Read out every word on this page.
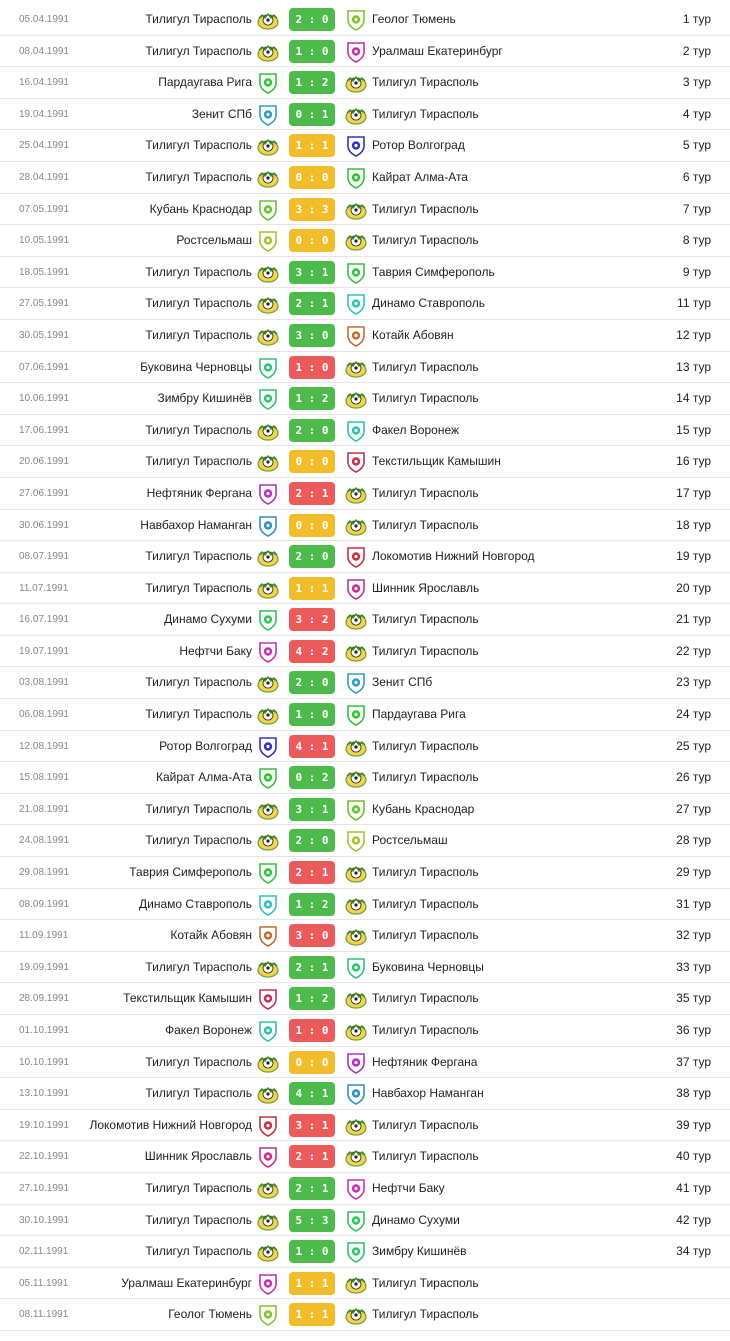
05.04.1991	Тилигул Тирасполь	2 : 0	Геолог Тюмень	1 тур
08.04.1991	Тилигул Тирасполь	1 : 0	Уралмаш Екатеринбург	2 тур
16.04.1991	Пардаугава Рига	1 : 2	Тилигул Тирасполь	3 тур
19.04.1991	Зенит СПб	0 : 1	Тилигул Тирасполь	4 тур
25.04.1991	Тилигул Тирасполь	1 : 1	Ротор Волгоград	5 тур
28.04.1991	Тилигул Тирасполь	0 : 0	Кайрат Алма-Ата	6 тур
07.05.1991	Кубань Краснодар	3 : 3	Тилигул Тирасполь	7 тур
10.05.1991	Ростсельмаш	0 : 0	Тилигул Тирасполь	8 тур
18.05.1991	Тилигул Тирасполь	3 : 1	Таврия Симферополь	9 тур
27.05.1991	Тилигул Тирасполь	2 : 1	Динамо Ставрополь	11 тур
30.05.1991	Тилигул Тирасполь	3 : 0	Котайк Абовян	12 тур
07.06.1991	Буковина Черновцы	1 : 0	Тилигул Тирасполь	13 тур
10.06.1991	Зимбру Кишинёв	1 : 2	Тилигул Тирасполь	14 тур
17.06.1991	Тилигул Тирасполь	2 : 0	Факел Воронеж	15 тур
20.06.1991	Тилигул Тирасполь	0 : 0	Текстильщик Камышин	16 тур
27.06.1991	Нефтяник Фергана	2 : 1	Тилигул Тирасполь	17 тур
30.06.1991	Навбахор Наманган	0 : 0	Тилигул Тирасполь	18 тур
08.07.1991	Тилигул Тирасполь	2 : 0	Локомотив Нижний Новгород	19 тур
11.07.1991	Тилигул Тирасполь	1 : 1	Шинник Ярославль	20 тур
16.07.1991	Динамо Сухуми	3 : 2	Тилигул Тирасполь	21 тур
19.07.1991	Нефтчи Баку	4 : 2	Тилигул Тирасполь	22 тур
03.08.1991	Тилигул Тирасполь	2 : 0	Зенит СПб	23 тур
06.08.1991	Тилигул Тирасполь	1 : 0	Пардаугава Рига	24 тур
12.08.1991	Ротор Волгоград	4 : 1	Тилигул Тирасполь	25 тур
15.08.1991	Кайрат Алма-Ата	0 : 2	Тилигул Тирасполь	26 тур
21.08.1991	Тилигул Тирасполь	3 : 1	Кубань Краснодар	27 тур
24.08.1991	Тилигул Тирасполь	2 : 0	Ростсельмаш	28 тур
29.08.1991	Таврия Симферополь	2 : 1	Тилигул Тирасполь	29 тур
08.09.1991	Динамо Ставрополь	1 : 2	Тилигул Тирасполь	31 тур
11.09.1991	Котайк Абовян	3 : 0	Тилигул Тирасполь	32 тур
19.09.1991	Тилигул Тирасполь	2 : 1	Буковина Черновцы	33 тур
28.09.1991	Текстильщик Камышин	1 : 2	Тилигул Тирасполь	35 тур
01.10.1991	Факел Воронеж	1 : 0	Тилигул Тирасполь	36 тур
10.10.1991	Тилигул Тирасполь	0 : 0	Нефтяник Фергана	37 тур
13.10.1991	Тилигул Тирасполь	4 : 1	Навбахор Наманган	38 тур
19.10.1991 Локомотив Нижний Новгород	3 : 1	Тилигул Тирасполь	39 тур
22.10.1991	Шинник Ярославль	2 : 1	Тилигул Тирасполь	40 тур
27.10.1991	Тилигул Тирасполь	2 : 1	Нефтчи Баку	41 тур
30.10.1991	Тилигул Тирасполь	5 : 3	Динамо Сухуми	42 тур
02.11.1991	Тилигул Тирасполь	1 : 0	Зимбру Кишинёв	34 тур
05.11.1991	Уралмаш Екатеринбург	1 : 1	Тилигул Тирасполь
08.11.1991	Геолог Тюмень	1 : 1	Тилигул Тирасполь
